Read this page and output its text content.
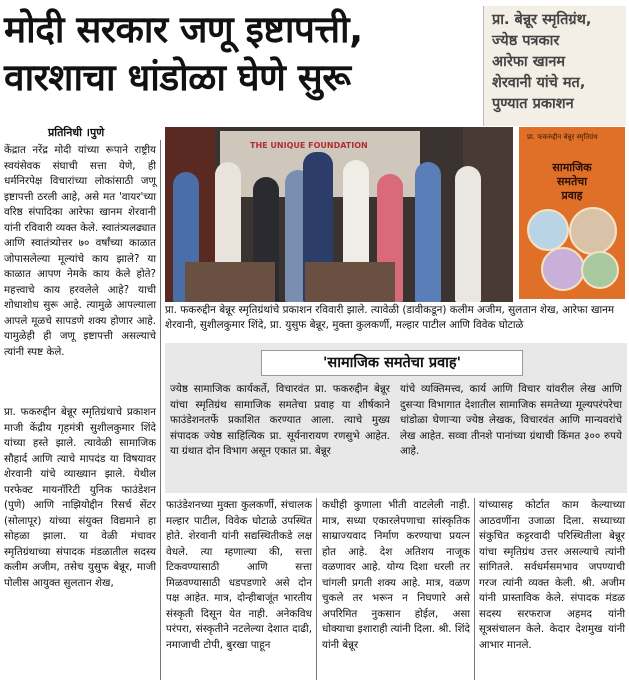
मोदी सरकार जणू इष्टापत्ती,
वारशाचा धांडोळा घेणे सुरू
प्रा. बेन्नूर स्मृतिग्रंथ,
ज्येष्ठ पत्रकार
आरेफा खानम
शेरवानी यांचे मत,
पुण्यात प्रकाशन
प्रतिनिधी ।पुणे
केंद्रात नरेंद्र मोदी यांच्या रूपाने राष्ट्रीय स्वयंसेवक संघाची सत्ता येणे, ही धर्मनिरपेक्ष विचारांच्या लोकांसाठी जणू इष्टापत्ती ठरली आहे, असे मत 'वायर'च्या वरिष्ठ संपादिका आरेफा खानम शेरवानी यांनी रविवारी व्यक्त केले. स्वातंत्र्यलढ्यात आणि स्वातंत्र्योत्तर ७० वर्षांच्या काळात जोपासलेल्या मूल्यांचे काय झाले? या काळात आपण नेमके काय केले होते? महत्त्वाचे काय हरवलेले आहे? याची शोधाशोध सुरू आहे. त्यामुळे आपल्याला आपले मूळचे सापडणे शक्य होणार आहे. यामुळेही ही जणू इष्टापत्ती असल्याचे त्यांनी स्पष्ट केले.
प्रा. फकरुद्दीन बेन्नूर स्मृतिग्रंथाचे प्रकाशन माजी केंद्रीय गृहमंत्री सुशीलकुमार शिंदे यांच्या हस्ते झाले. त्यावेळी सामाजिक सौहार्द आणि त्याचे मापदंड या विषयावर शेरवानी यांचे व्याख्यान झाले. येथील परफेक्ट मायनॉरिटी युनिक फाउंडेशन (पुणे) आणि नाझियोद्दीन रिसर्च सेंटर (सोलापूर) यांच्या संयुक्त विद्यमाने हा सोहळा झाला. या वेळी मंचावर स्मृतिग्रंथाच्या संपादक मंडळातील सदस्य कलीम अजीम, तसेच युसुफ बेन्नूर, माजी पोलीस आयुक्त सुलतान शेख,
THE UNIQUE FOUNDATION
प्रा. फकरुद्दीन बेन्नूर स्मृतिग्रंथ
सामाजिक
समतेचा
प्रवाह
प्रा. फकरुद्दीन बेन्नूर स्मृतिग्रंथांचे प्रकाशन रविवारी झाले. त्यावेळी (डावीकडून) कलीम अजीम, सुलतान शेख, आरेफा खानम शेरवानी, सुशीलकुमार शिंदे, प्रा. युसुफ बेन्नूर, मुक्ता कुलकर्णी, मल्हार पाटील आणि विवेक घोटाळे
'सामाजिक समतेचा प्रवाह'
ज्येष्ठ सामाजिक कार्यकर्ते, विचारवंत प्रा. फकरुद्दीन बेन्नूर यांचा स्मृतिग्रंथ सामाजिक समतेचा प्रवाह या शीर्षकाने फाउंडेशनतर्फे प्रकाशित करण्यात आला. त्याचे मुख्य संपादक ज्येष्ठ साहित्यिक प्रा. सूर्यनारायण रणसुभे आहेत. या ग्रंथात दोन विभाग असून एकात प्रा. बेन्नूर
यांचे व्यक्तिमत्त्व, कार्य आणि विचार यांवरील लेख आणि दुसऱ्या विभागात देशातील सामाजिक समतेच्या मूल्यपरंपरेचा धांडोळा घेणाऱ्या ज्येष्ठ लेखक, विचारवंत आणि मान्यवरांचे लेख आहेत. सव्वा तीनशे पानांच्या ग्रंथाची किंमत ३०० रुपये आहे.
फाउंडेशनच्या मुक्ता कुलकर्णी, संचालक मल्हार पाटील, विवेक घोटाळे उपस्थित होते. शेरवानी यांनी सद्यस्थितीकडे लक्ष वेधले. त्या म्हणाल्या की, सत्ता टिकवण्यासाठी आणि सत्ता मिळवण्यासाठी धडपडणारे असे दोन पक्ष आहेत. मात्र, दोन्हीबाजूंत भारतीय संस्कृती दिसून येत नाही. अनेकविध परंपरा, संस्कृतीने नटलेल्या देशात दाढी, नमाजाची टोपी, बुरखा पाहून
कधीही कुणाला भीती वाटलेली नाही. मात्र, सध्या एकारलेपणाचा सांस्कृतिक साम्राज्यवाद निर्माण करण्याचा प्रयत्न होत आहे. देश अतिशय नाजूक वळणावर आहे. योग्य दिशा धरली तर चांगली प्रगती शक्य आहे. मात्र, वळण चुकले तर भरून न निघणारे असे अपरिमित नुकसान होईल, असा धोक्याचा इशाराही त्यांनी दिला. श्री. शिंदे यांनी बेन्नूर
यांच्यासह कोर्टात काम केल्याच्या आठवणींना उजाळा दिला. सध्याच्या संकुचित कट्टरवादी परिस्थितीला बेन्नूर यांचा स्मृतिग्रंथ उत्तर असल्याचे त्यांनी सांगितले. सर्वधर्मसमभाव जपण्याची गरज त्यांनी व्यक्त केली. श्री. अजीम यांनी प्रास्ताविक केले. संपादक मंडळ सदस्य सरफराज अहमद यांनी सूत्रसंचालन केले. केदार देशमुख यांनी आभार मानले.
